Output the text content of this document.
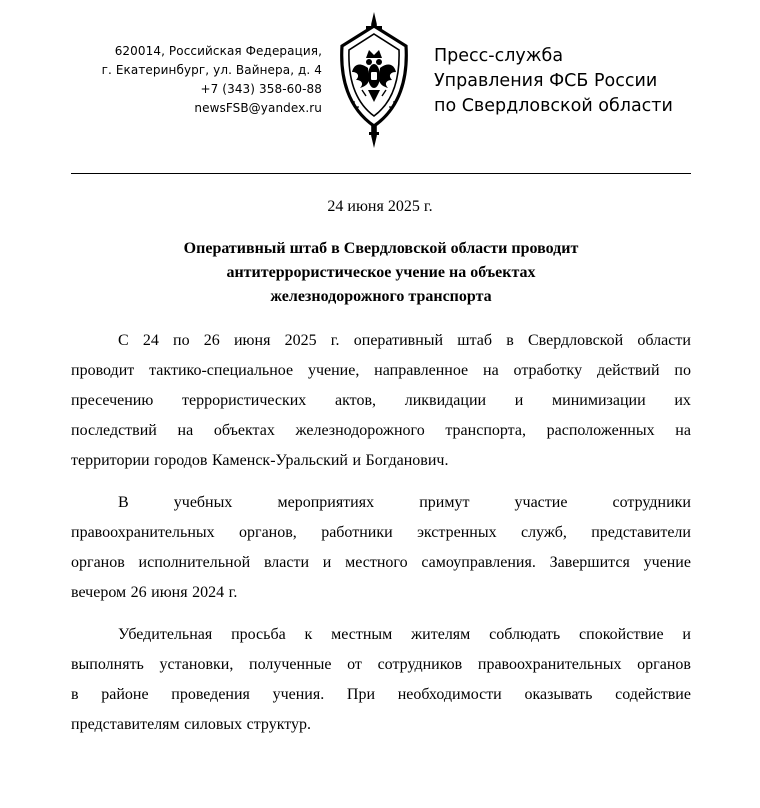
620014, Российская Федерация,
г. Екатеринбург, ул. Вайнера, д. 4
+7 (343) 358-60-88
newsFSB@yandex.ru
Пресс-служба
Управления ФСБ России
по Свердловской области
24 июня 2025 г.
Оперативный штаб в Свердловской области проводит
антитеррористическое учение на объектах
железнодорожного транспорта
С 24 по 26 июня 2025 г. оперативный штаб в Свердловской области
проводит тактико-специальное учение, направленное на отработку действий по
пресечению террористических актов, ликвидации и минимизации их
последствий на объектах железнодорожного транспорта, расположенных на
территории городов Каменск-Уральский и Богданович.
В	учебных	мероприятиях	примут	участие	сотрудники
правоохранительных органов, работники экстренных служб, представители
органов исполнительной власти и местного самоуправления. Завершится учение
вечером 26 июня 2024 г.
Убедительная просьба к местным жителям соблюдать спокойствие и
выполнять установки, полученные от сотрудников правоохранительных органов
в районе проведения учения. При необходимости оказывать содействие
представителям силовых структур.
